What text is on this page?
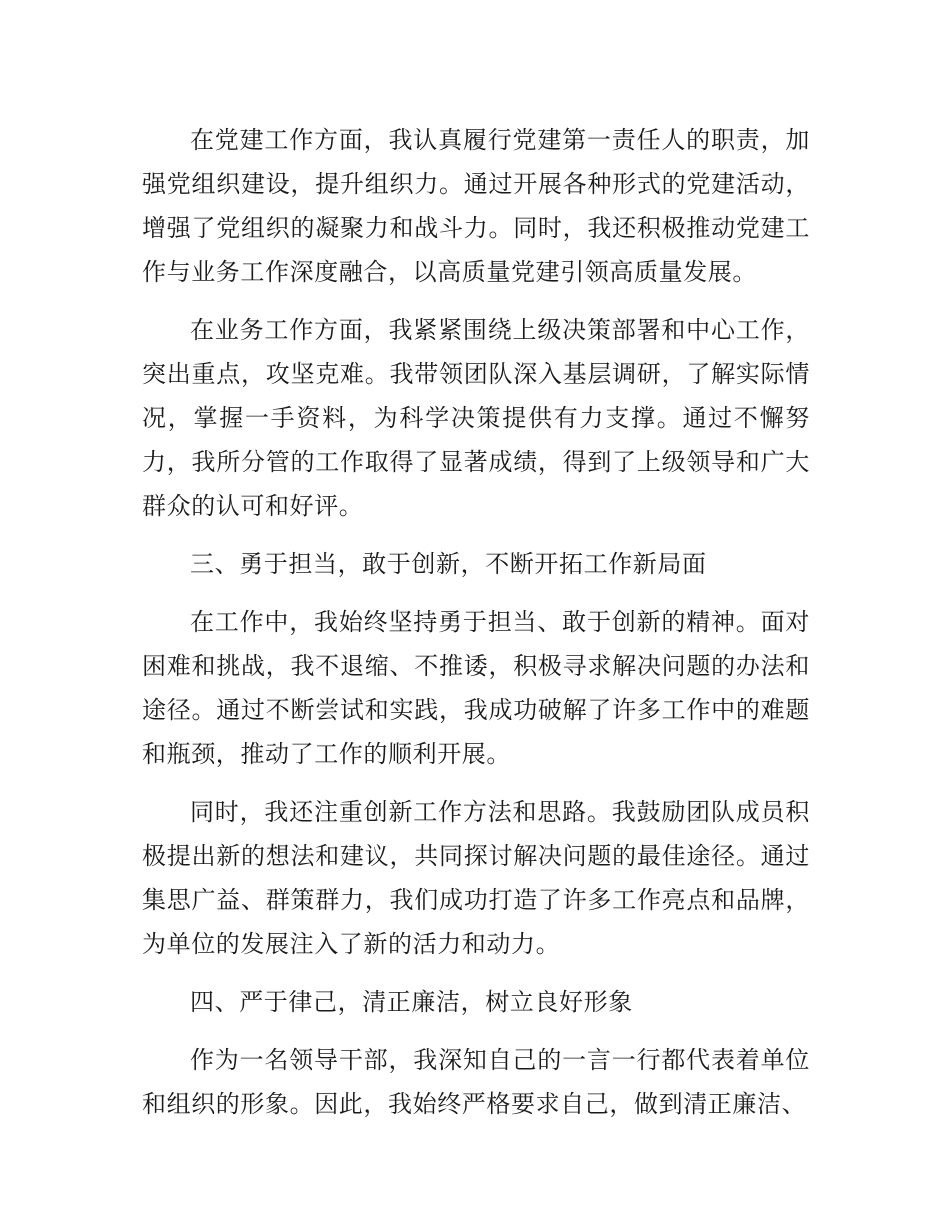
在党建工作方面，我认真履行党建第一责任人的职责，加强党组织建设，提升组织力。通过开展各种形式的党建活动，增强了党组织的凝聚力和战斗力。同时，我还积极推动党建工作与业务工作深度融合，以高质量党建引领高质量发展。

在业务工作方面，我紧紧围绕上级决策部署和中心工作，突出重点，攻坚克难。我带领团队深入基层调研，了解实际情况，掌握一手资料，为科学决策提供有力支撑。通过不懈努力，我所分管的工作取得了显著成绩，得到了上级领导和广大群众的认可和好评。

三、勇于担当，敢于创新，不断开拓工作新局面

在工作中，我始终坚持勇于担当、敢于创新的精神。面对困难和挑战，我不退缩、不推诿，积极寻求解决问题的办法和途径。通过不断尝试和实践，我成功破解了许多工作中的难题和瓶颈，推动了工作的顺利开展。

同时，我还注重创新工作方法和思路。我鼓励团队成员积极提出新的想法和建议，共同探讨解决问题的最佳途径。通过集思广益、群策群力，我们成功打造了许多工作亮点和品牌，为单位的发展注入了新的活力和动力。

四、严于律己，清正廉洁，树立良好形象

作为一名领导干部，我深知自己的一言一行都代表着单位和组织的形象。因此，我始终严格要求自己，做到清正廉洁、
